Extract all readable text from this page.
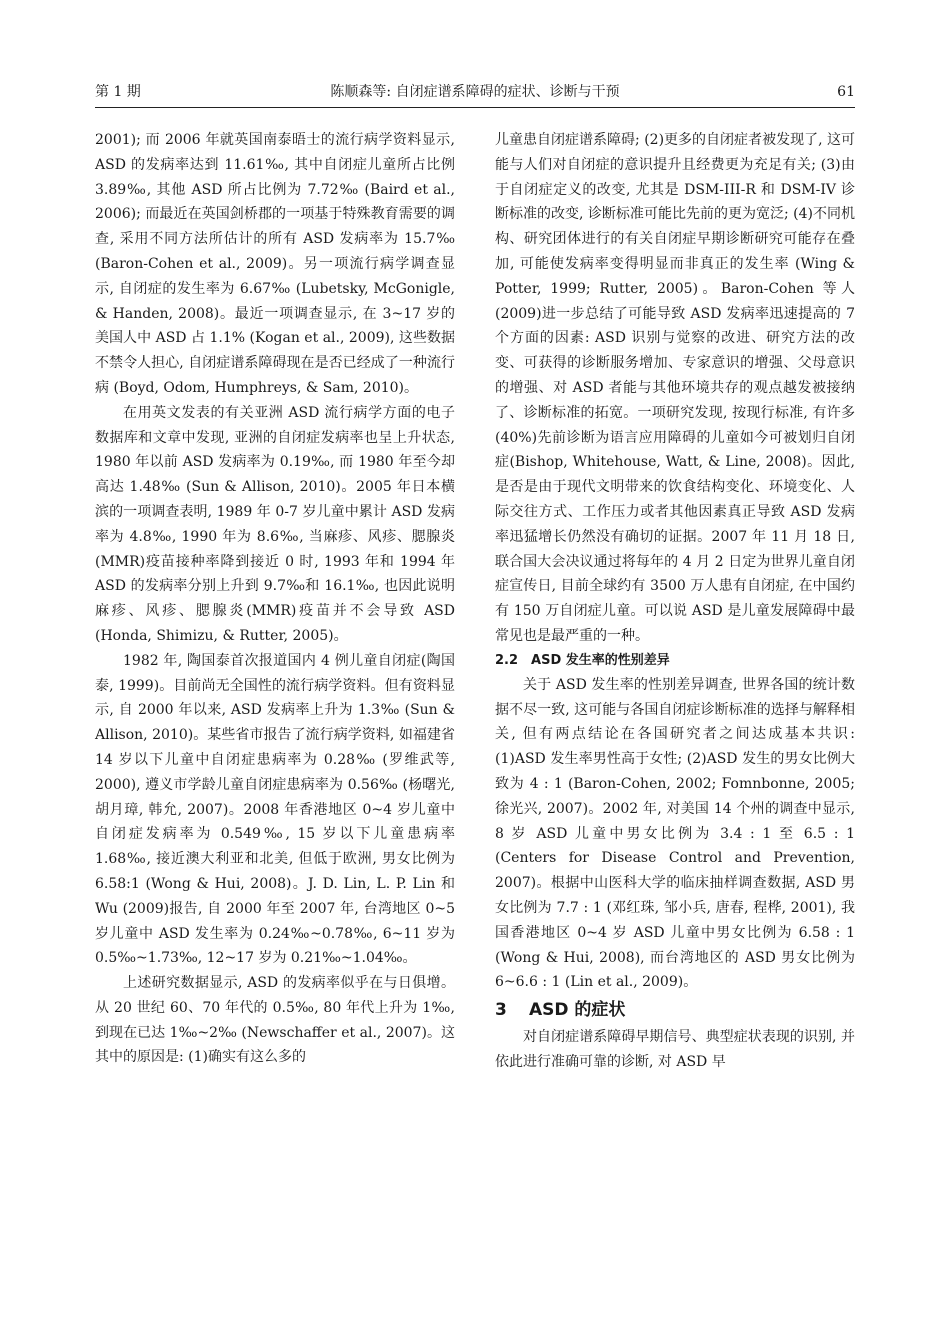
第 1 期	陈顺森等: 自闭症谱系障碍的症状、诊断与干预	61

2001); 而 2006 年就英国南泰晤士的流行病学资料显示, ASD 的发病率达到 11.61‰, 其中自闭症儿童所占比例 3.89‰, 其他 ASD 所占比例为 7.72‰ (Baird et al., 2006); 而最近在英国剑桥郡的一项基于特殊教育需要的调查, 采用不同方法所估计的所有 ASD 发病率为 15.7‰ (Baron-Cohen et al., 2009)。另一项流行病学调查显示, 自闭症的发生率为 6.67‰ (Lubetsky, McGonigle, & Handen, 2008)。最近一项调查显示, 在 3~17 岁的美国人中 ASD 占 1.1% (Kogan et al., 2009), 这些数据不禁令人担心, 自闭症谱系障碍现在是否已经成了一种流行病 (Boyd, Odom, Humphreys, & Sam, 2010)。

在用英文发表的有关亚洲 ASD 流行病学方面的电子数据库和文章中发现, 亚洲的自闭症发病率也呈上升状态, 1980 年以前 ASD 发病率为 0.19‰, 而 1980 年至今却高达 1.48‰ (Sun & Allison, 2010)。2005 年日本横滨的一项调查表明, 1989 年 0-7 岁儿童中累计 ASD 发病率为 4.8‰, 1990 年为 8.6‰, 当麻疹、风疹、腮腺炎(MMR)疫苗接种率降到接近 0 时, 1993 年和 1994 年 ASD 的发病率分别上升到 9.7‰和 16.1‰, 也因此说明麻疹、风疹、腮腺炎(MMR)疫苗并不会导致 ASD (Honda, Shimizu, & Rutter, 2005)。

1982 年, 陶国泰首次报道国内 4 例儿童自闭症(陶国泰, 1999)。目前尚无全国性的流行病学资料。但有资料显示, 自 2000 年以来, ASD 发病率上升为 1.3‰ (Sun & Allison, 2010)。某些省市报告了流行病学资料, 如福建省 14 岁以下儿童中自闭症患病率为 0.28‰ (罗维武等, 2000), 遵义市学龄儿童自闭症患病率为 0.56‰ (杨曙光, 胡月璋, 韩允, 2007)。2008 年香港地区 0~4 岁儿童中自闭症发病率为 0.549‰, 15 岁以下儿童患病率 1.68‰, 接近澳大利亚和北美, 但低于欧洲, 男女比例为 6.58:1 (Wong & Hui, 2008)。J. D. Lin, L. P. Lin 和 Wu (2009)报告, 自 2000 年至 2007 年, 台湾地区 0~5 岁儿童中 ASD 发生率为 0.24‰~0.78‰, 6~11 岁为 0.5‰~1.73‰, 12~17 岁为 0.21‰~1.04‰。

上述研究数据显示, ASD 的发病率似乎在与日俱增。从 20 世纪 60、70 年代的 0.5‰, 80 年代上升为 1‰, 到现在已达 1‰~2‰ (Newschaffer et al., 2007)。这其中的原因是: (1)确实有这么多的

儿童患自闭症谱系障碍; (2)更多的自闭症者被发现了, 这可能与人们对自闭症的意识提升且经费更为充足有关; (3)由于自闭症定义的改变, 尤其是 DSM-III-R 和 DSM-IV 诊断标准的改变, 诊断标准可能比先前的更为宽泛; (4)不同机构、研究团体进行的有关自闭症早期诊断研究可能存在叠加, 可能使发病率变得明显而非真正的发生率 (Wing & Potter, 1999; Rutter, 2005)。Baron-Cohen 等人(2009)进一步总结了可能导致 ASD 发病率迅速提高的 7 个方面的因素: ASD 识别与觉察的改进、研究方法的改变、可获得的诊断服务增加、专家意识的增强、父母意识的增强、对 ASD 者能与其他环境共存的观点越发被接纳了、诊断标准的拓宽。一项研究发现, 按现行标准, 有许多(40%)先前诊断为语言应用障碍的儿童如今可被划归自闭症(Bishop, Whitehouse, Watt, & Line, 2008)。因此, 是否是由于现代文明带来的饮食结构变化、环境变化、人际交往方式、工作压力或者其他因素真正导致 ASD 发病率迅猛增长仍然没有确切的证据。2007 年 11 月 18 日, 联合国大会决议通过将每年的 4 月 2 日定为世界儿童自闭症宣传日, 目前全球约有 3500 万人患有自闭症, 在中国约有 150 万自闭症儿童。可以说 ASD 是儿童发展障碍中最常见也是最严重的一种。

2.2　ASD 发生率的性别差异

关于 ASD 发生率的性别差异调查, 世界各国的统计数据不尽一致, 这可能与各国自闭症诊断标准的选择与解释相关, 但有两点结论在各国研究者之间达成基本共识: (1)ASD 发生率男性高于女性; (2)ASD 发生的男女比例大致为 4 : 1 (Baron-Cohen, 2002; Fomnbonne, 2005; 徐光兴, 2007)。2002 年, 对美国 14 个州的调查中显示, 8 岁 ASD 儿童中男女比例为 3.4 : 1 至 6.5 : 1 (Centers for Disease Control and Prevention, 2007)。根据中山医科大学的临床抽样调查数据, ASD 男女比例为 7.7 : 1 (邓红珠, 邹小兵, 唐春, 程桦, 2001), 我国香港地区 0~4 岁 ASD 儿童中男女比例为 6.58 : 1 (Wong & Hui, 2008), 而台湾地区的 ASD 男女比例为 6~6.6 : 1 (Lin et al., 2009)。

3 ASD 的症状

对自闭症谱系障碍早期信号、典型症状表现的识别, 并依此进行准确可靠的诊断, 对 ASD 早
